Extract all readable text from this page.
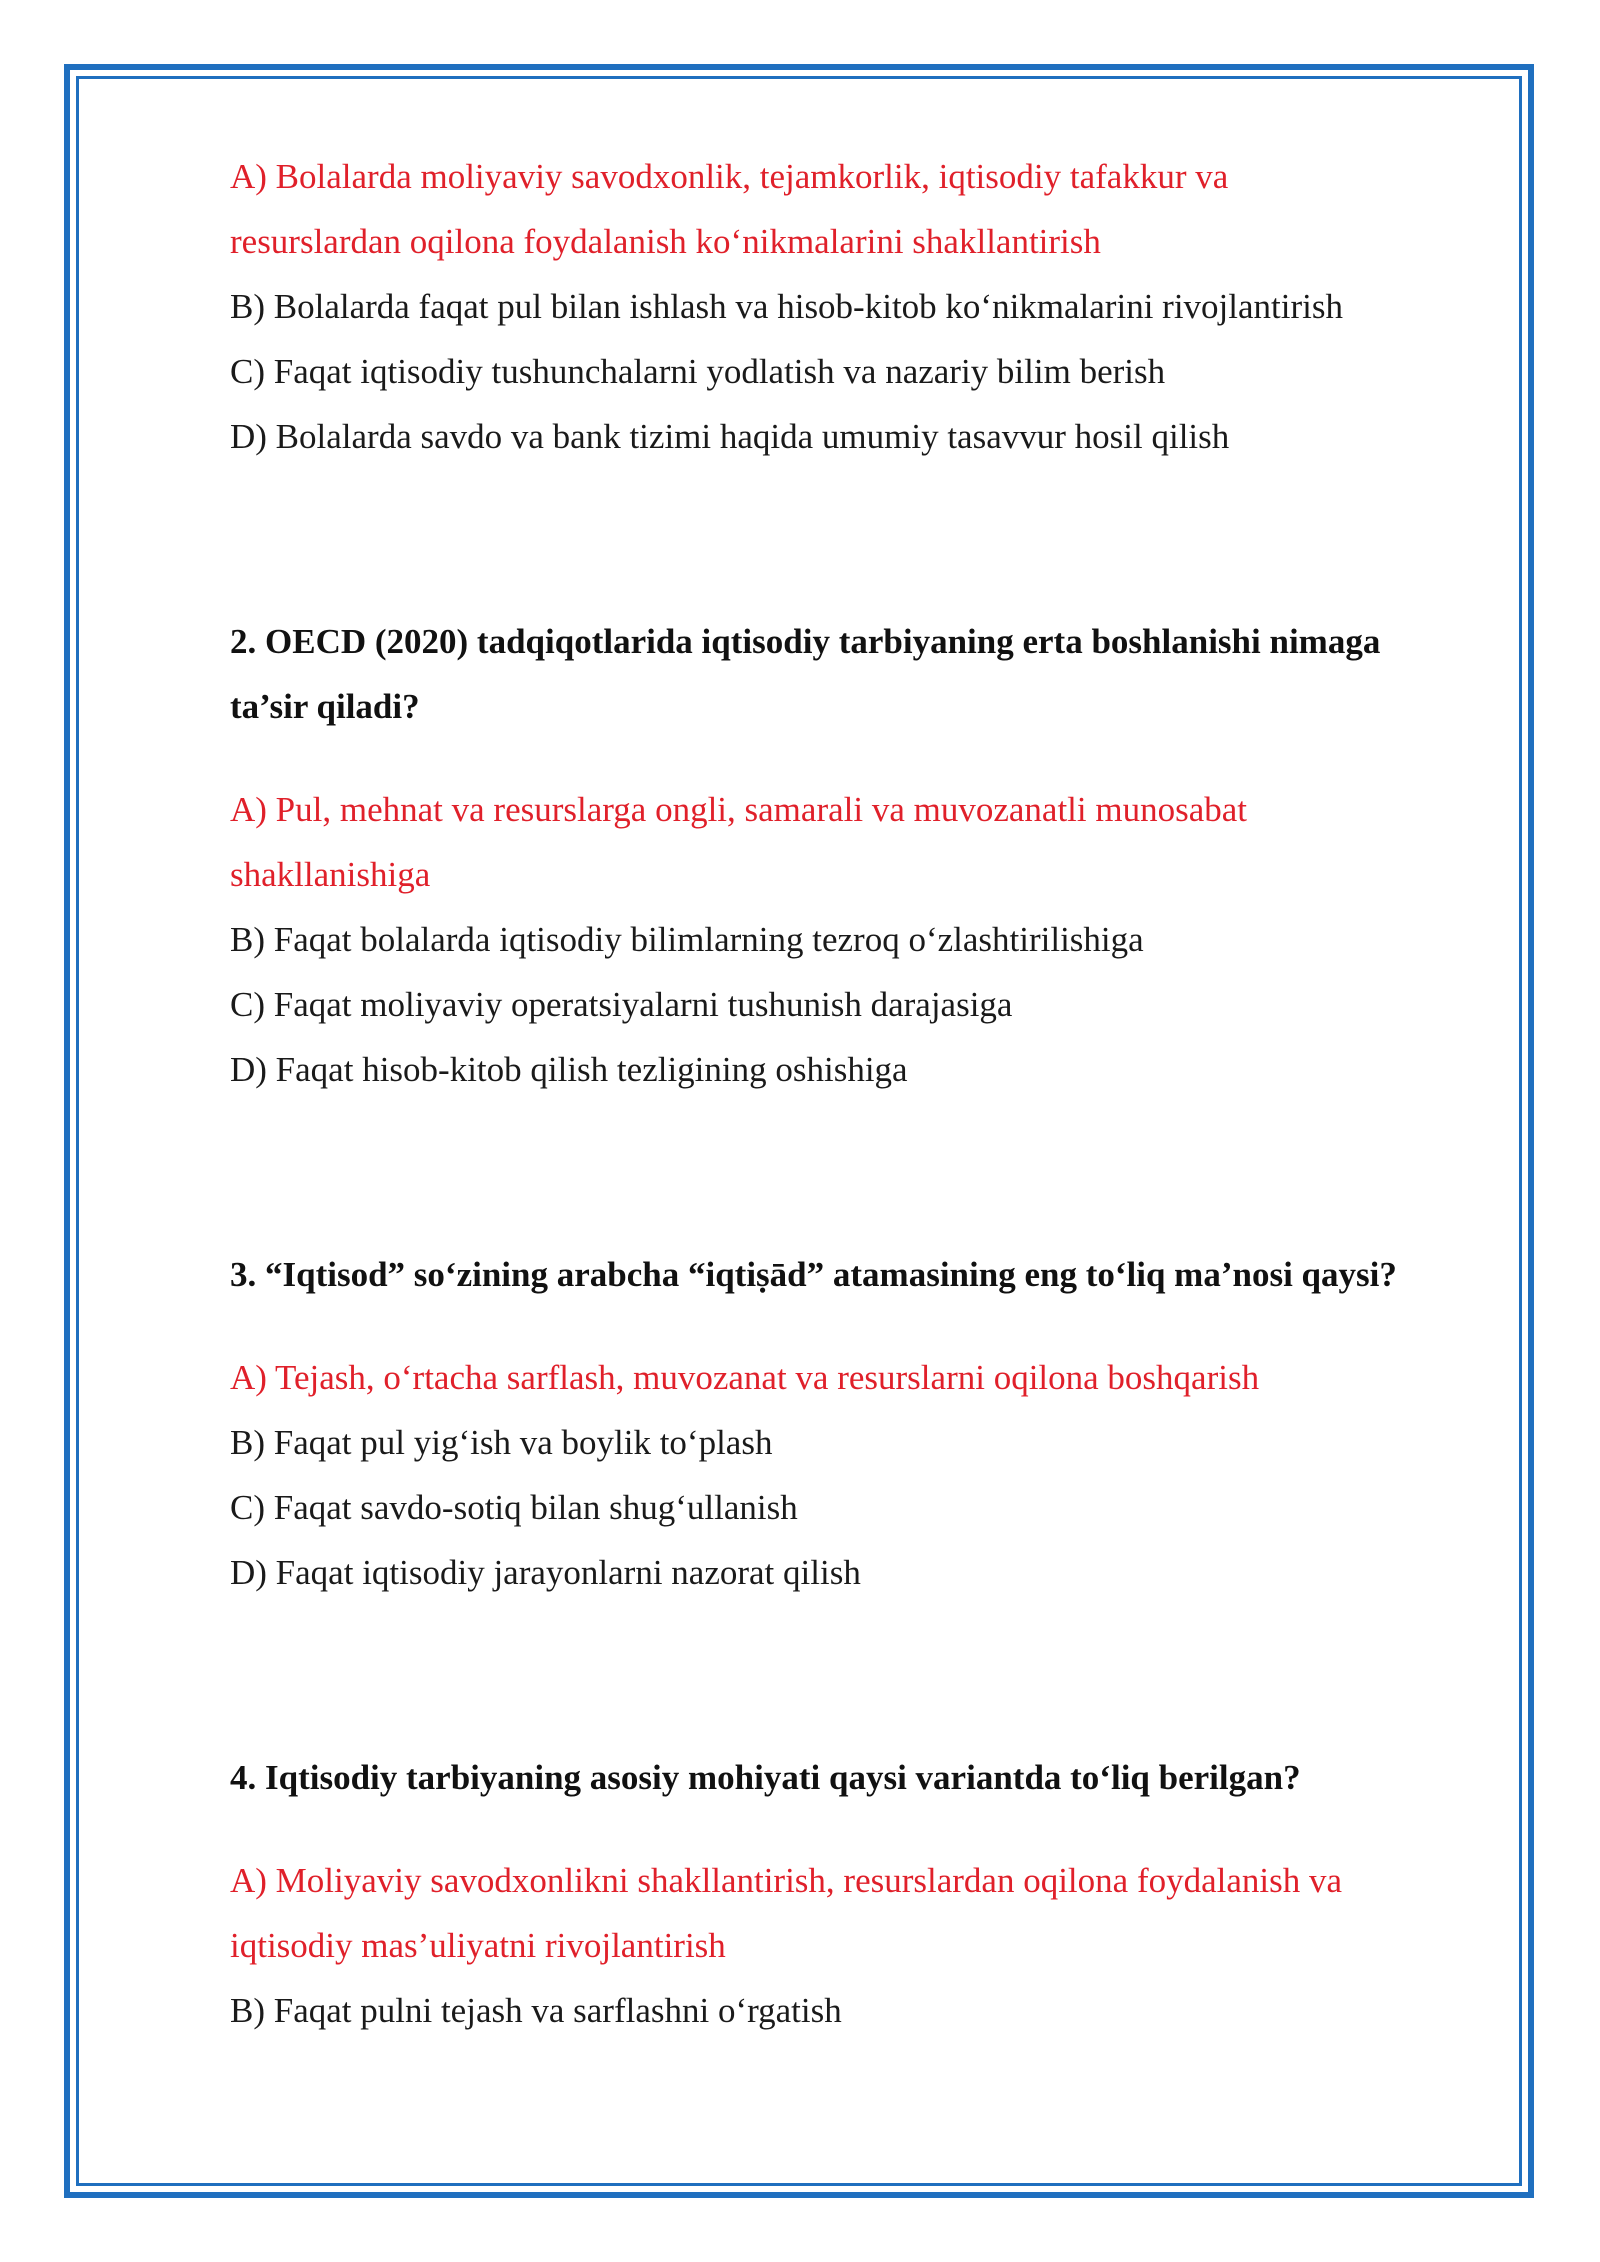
A) Bolalarda moliyaviy savodxonlik, tejamkorlik, iqtisodiy tafakkur va
resurslardan oqilona foydalanish ko‘nikmalarini shakllantirish
B) Bolalarda faqat pul bilan ishlash va hisob-kitob ko‘nikmalarini rivojlantirish
C) Faqat iqtisodiy tushunchalarni yodlatish va nazariy bilim berish
D) Bolalarda savdo va bank tizimi haqida umumiy tasavvur hosil qilish
2. OECD (2020) tadqiqotlarida iqtisodiy tarbiyaning erta boshlanishi nimaga
ta’sir qiladi?
A) Pul, mehnat va resurslarga ongli, samarali va muvozanatli munosabat
shakllanishiga
B) Faqat bolalarda iqtisodiy bilimlarning tezroq o‘zlashtirilishiga
C) Faqat moliyaviy operatsiyalarni tushunish darajasiga
D) Faqat hisob-kitob qilish tezligining oshishiga
3. “Iqtisod” so‘zining arabcha “iqtiṣād” atamasining eng to‘liq ma’nosi qaysi?
A) Tejash, o‘rtacha sarflash, muvozanat va resurslarni oqilona boshqarish
B) Faqat pul yig‘ish va boylik to‘plash
C) Faqat savdo-sotiq bilan shug‘ullanish
D) Faqat iqtisodiy jarayonlarni nazorat qilish
4. Iqtisodiy tarbiyaning asosiy mohiyati qaysi variantda to‘liq berilgan?
A) Moliyaviy savodxonlikni shakllantirish, resurslardan oqilona foydalanish va
iqtisodiy mas’uliyatni rivojlantirish
B) Faqat pulni tejash va sarflashni o‘rgatish
